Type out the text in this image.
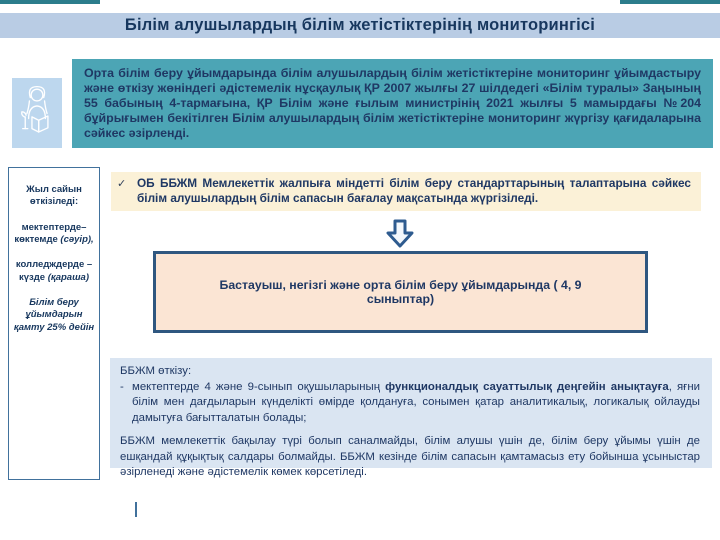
Білім алушылардың білім жетістіктерінің мониторингісі
Орта білім беру ұйымдарында білім алушылардың білім жетістіктеріне мониторинг ұйымдастыру және өткізу жөніндегі әдістемелік нұсқаулық ҚР 2007 жылғы 27 шілдедегі «Білім туралы» Заңының 55 бабының 4-тармағына, ҚР Білім және ғылым министрінің 2021 жылғы 5 мамырдағы №204 бұйрығымен бекітілген Білім алушылардың білім жетістіктеріне мониторинг жүргізу қағидаларына сәйкес әзірленді.

Жыл сайын өткізіледі:

мектептерде– көктемде (сәуір),

колледждерде – күзде (қараша)

Білім беру ұйымдарын қамту 25% дейін

✓ ОБ ББЖМ Мемлекеттік жалпыға міндетті білім беру стандарттарының талаптарына сәйкес білім алушылардың білім сапасын бағалау мақсатында жүргізіледі.
Бастауыш, негізгі және орта білім беру ұйымдарында ( 4, 9 сыныптар)

ББЖМ өткізу:

- мектептерде 4 және 9-сынып оқушыларының функционалдық сауаттылық деңгейін анықтауға, яғни білім мен дағдыларын күнделікті өмірде қолдануға, сонымен қатар аналитикалық, логикалық ойлауды дамытуға бағытталатын болады;

ББЖМ мемлекеттік бақылау түрі болып саналмайды, білім алушы үшін де, білім беру ұйымы үшін де ешқандай құқықтық салдары болмайды. ББЖМ кезінде білім сапасын қамтамасыз ету бойынша ұсыныстар әзірленеді және әдістемелік көмек көрсетіледі.
